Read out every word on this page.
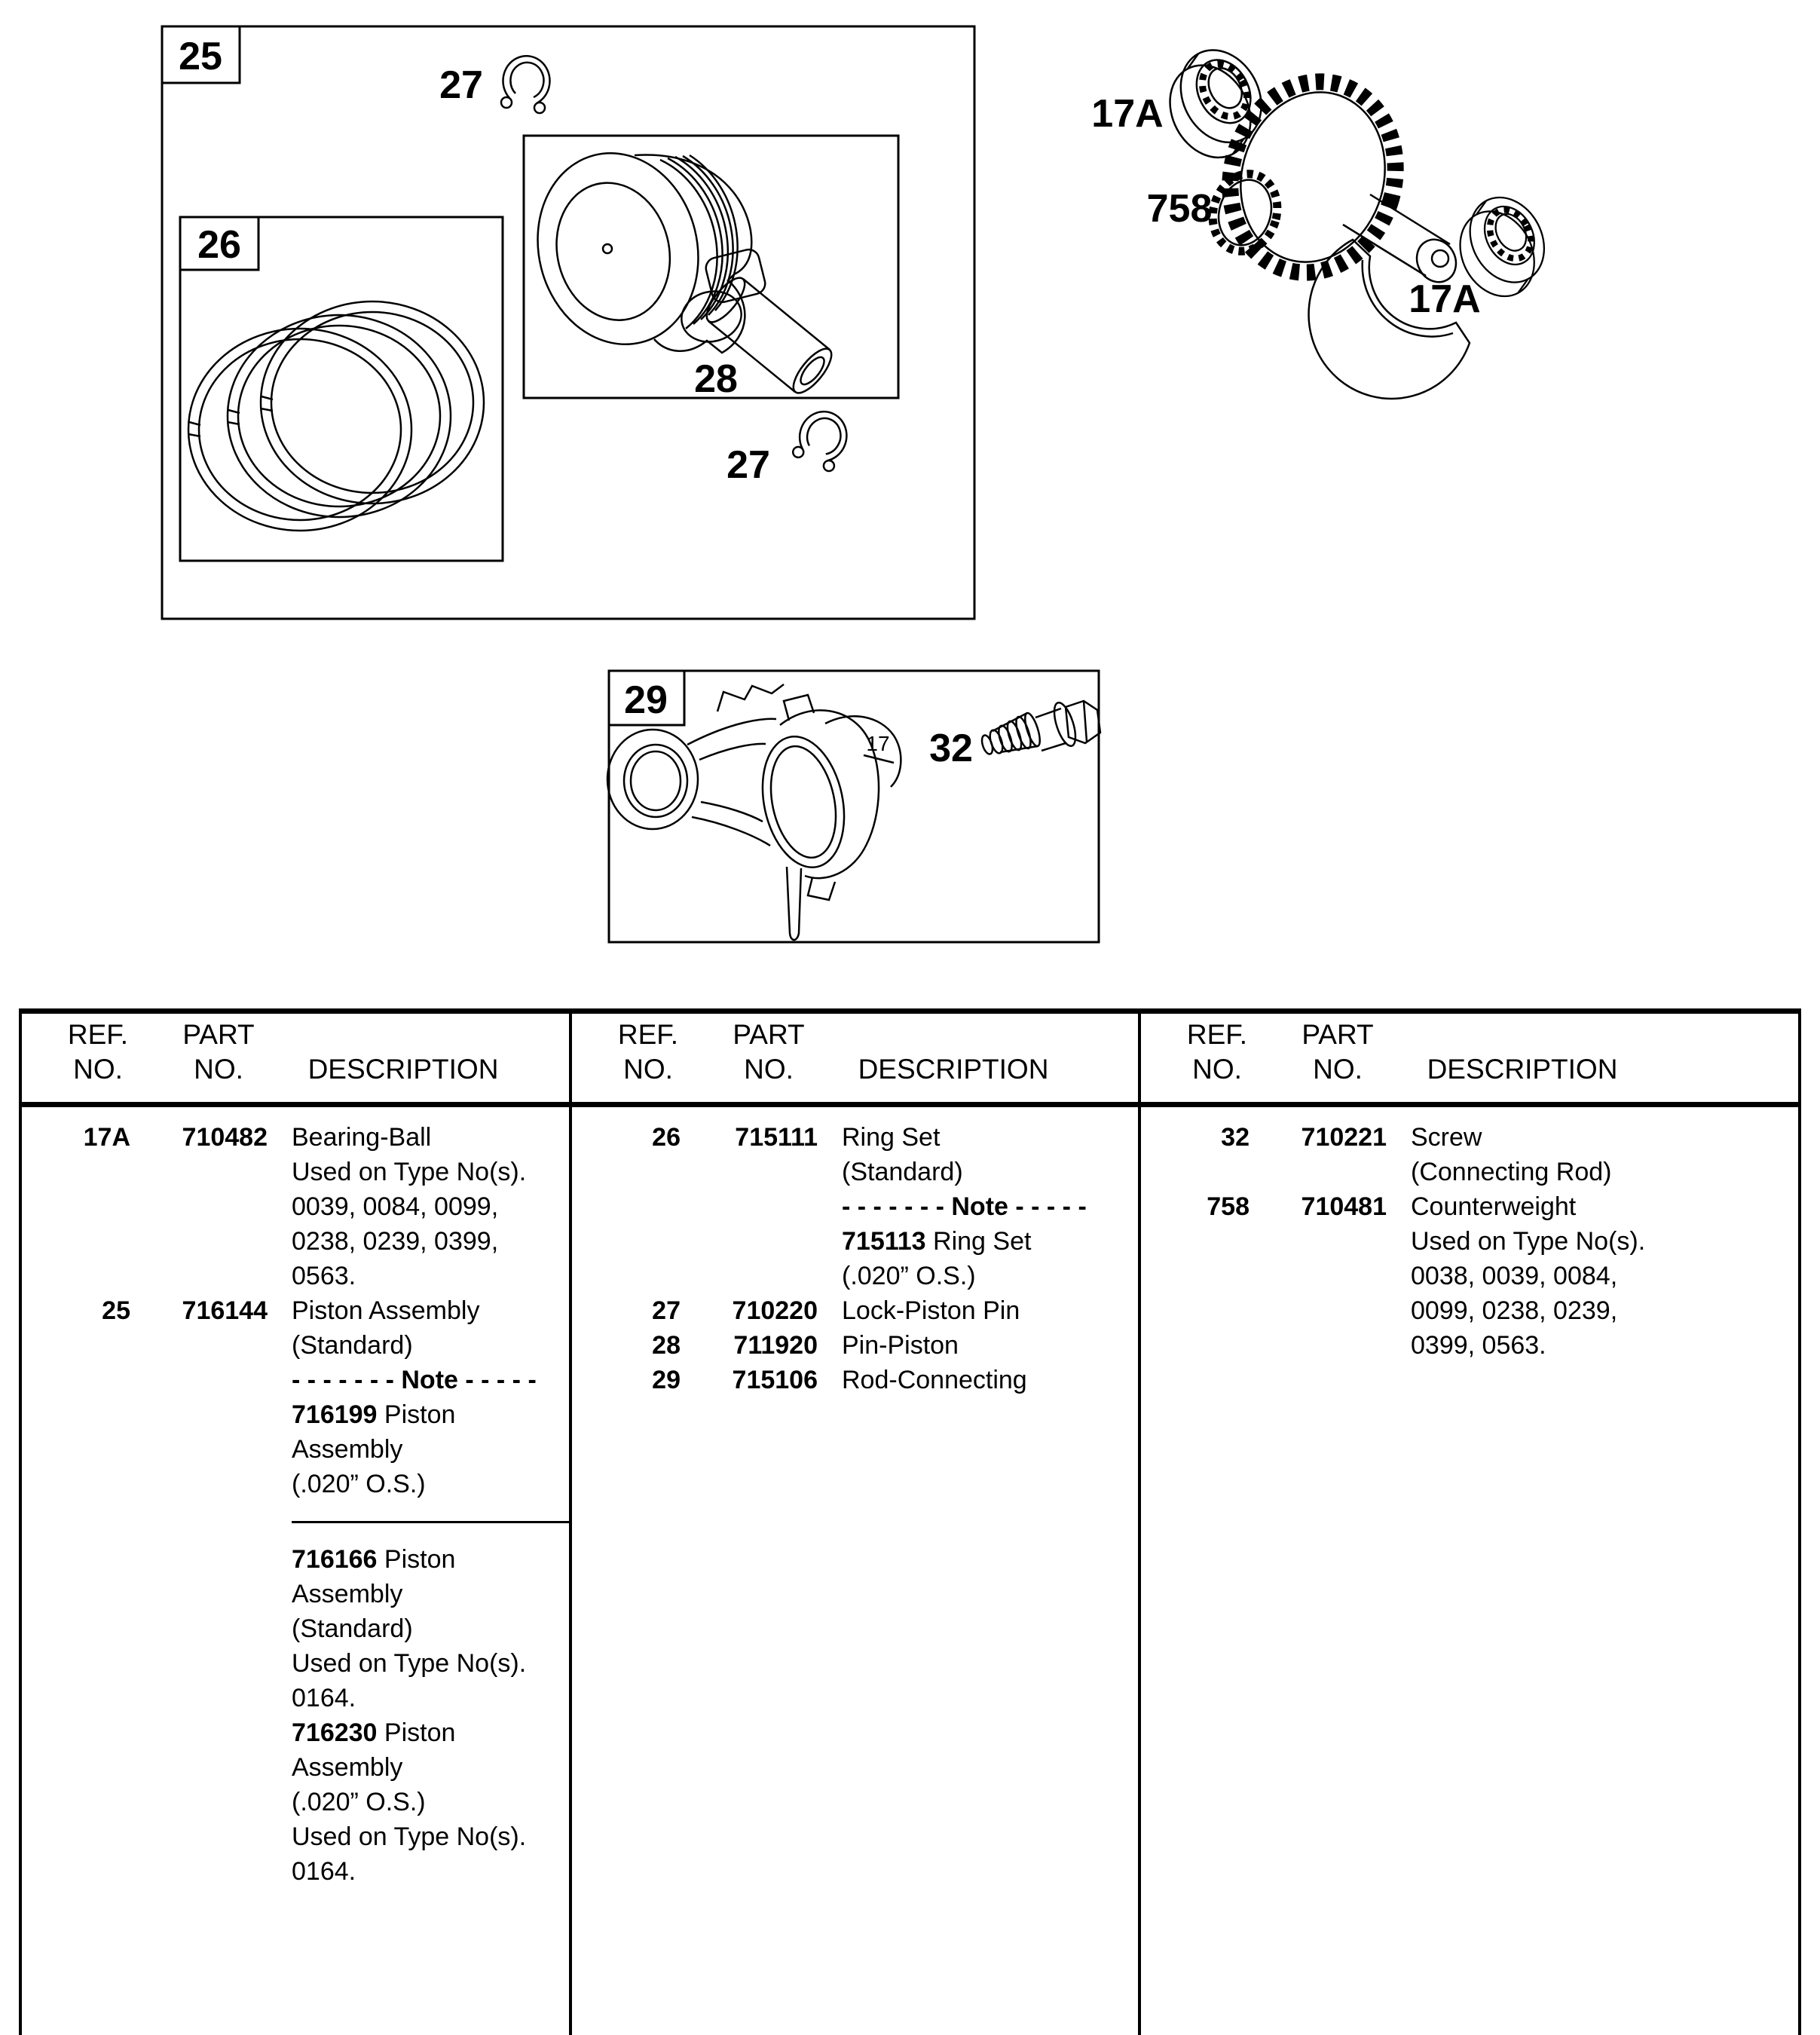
25
26
27
27
28
29
32
17A
17A
758
17
REF.
NO.
PART
NO.	DESCRIPTION
REF.
NO.
PART
NO.	DESCRIPTION
REF.
NO.
PART
NO.	DESCRIPTION
17A	710482 Bearing-Ball
Used on Type No(s).
0039, 0084, 0099,
0238, 0239, 0399,
0563.
25	716144 Piston Assembly
(Standard)
- - - - - - - Note - - - - -
716199 Piston
Assembly
(.020” O.S.)
716166 Piston
Assembly
(Standard)
Used on Type No(s).
0164.
716230 Piston
Assembly
(.020” O.S.)
Used on Type No(s).
0164.
26	715111 Ring Set
(Standard)
- - - - - - - Note - - - - -
715113 Ring Set
(.020” O.S.)
27	710220 Lock-Piston Pin
28	711920 Pin-Piston
29	715106 Rod-Connecting
32	710221 Screw
(Connecting Rod)
758	710481 Counterweight
Used on Type No(s).
0038, 0039, 0084,
0099, 0238, 0239,
0399, 0563.
